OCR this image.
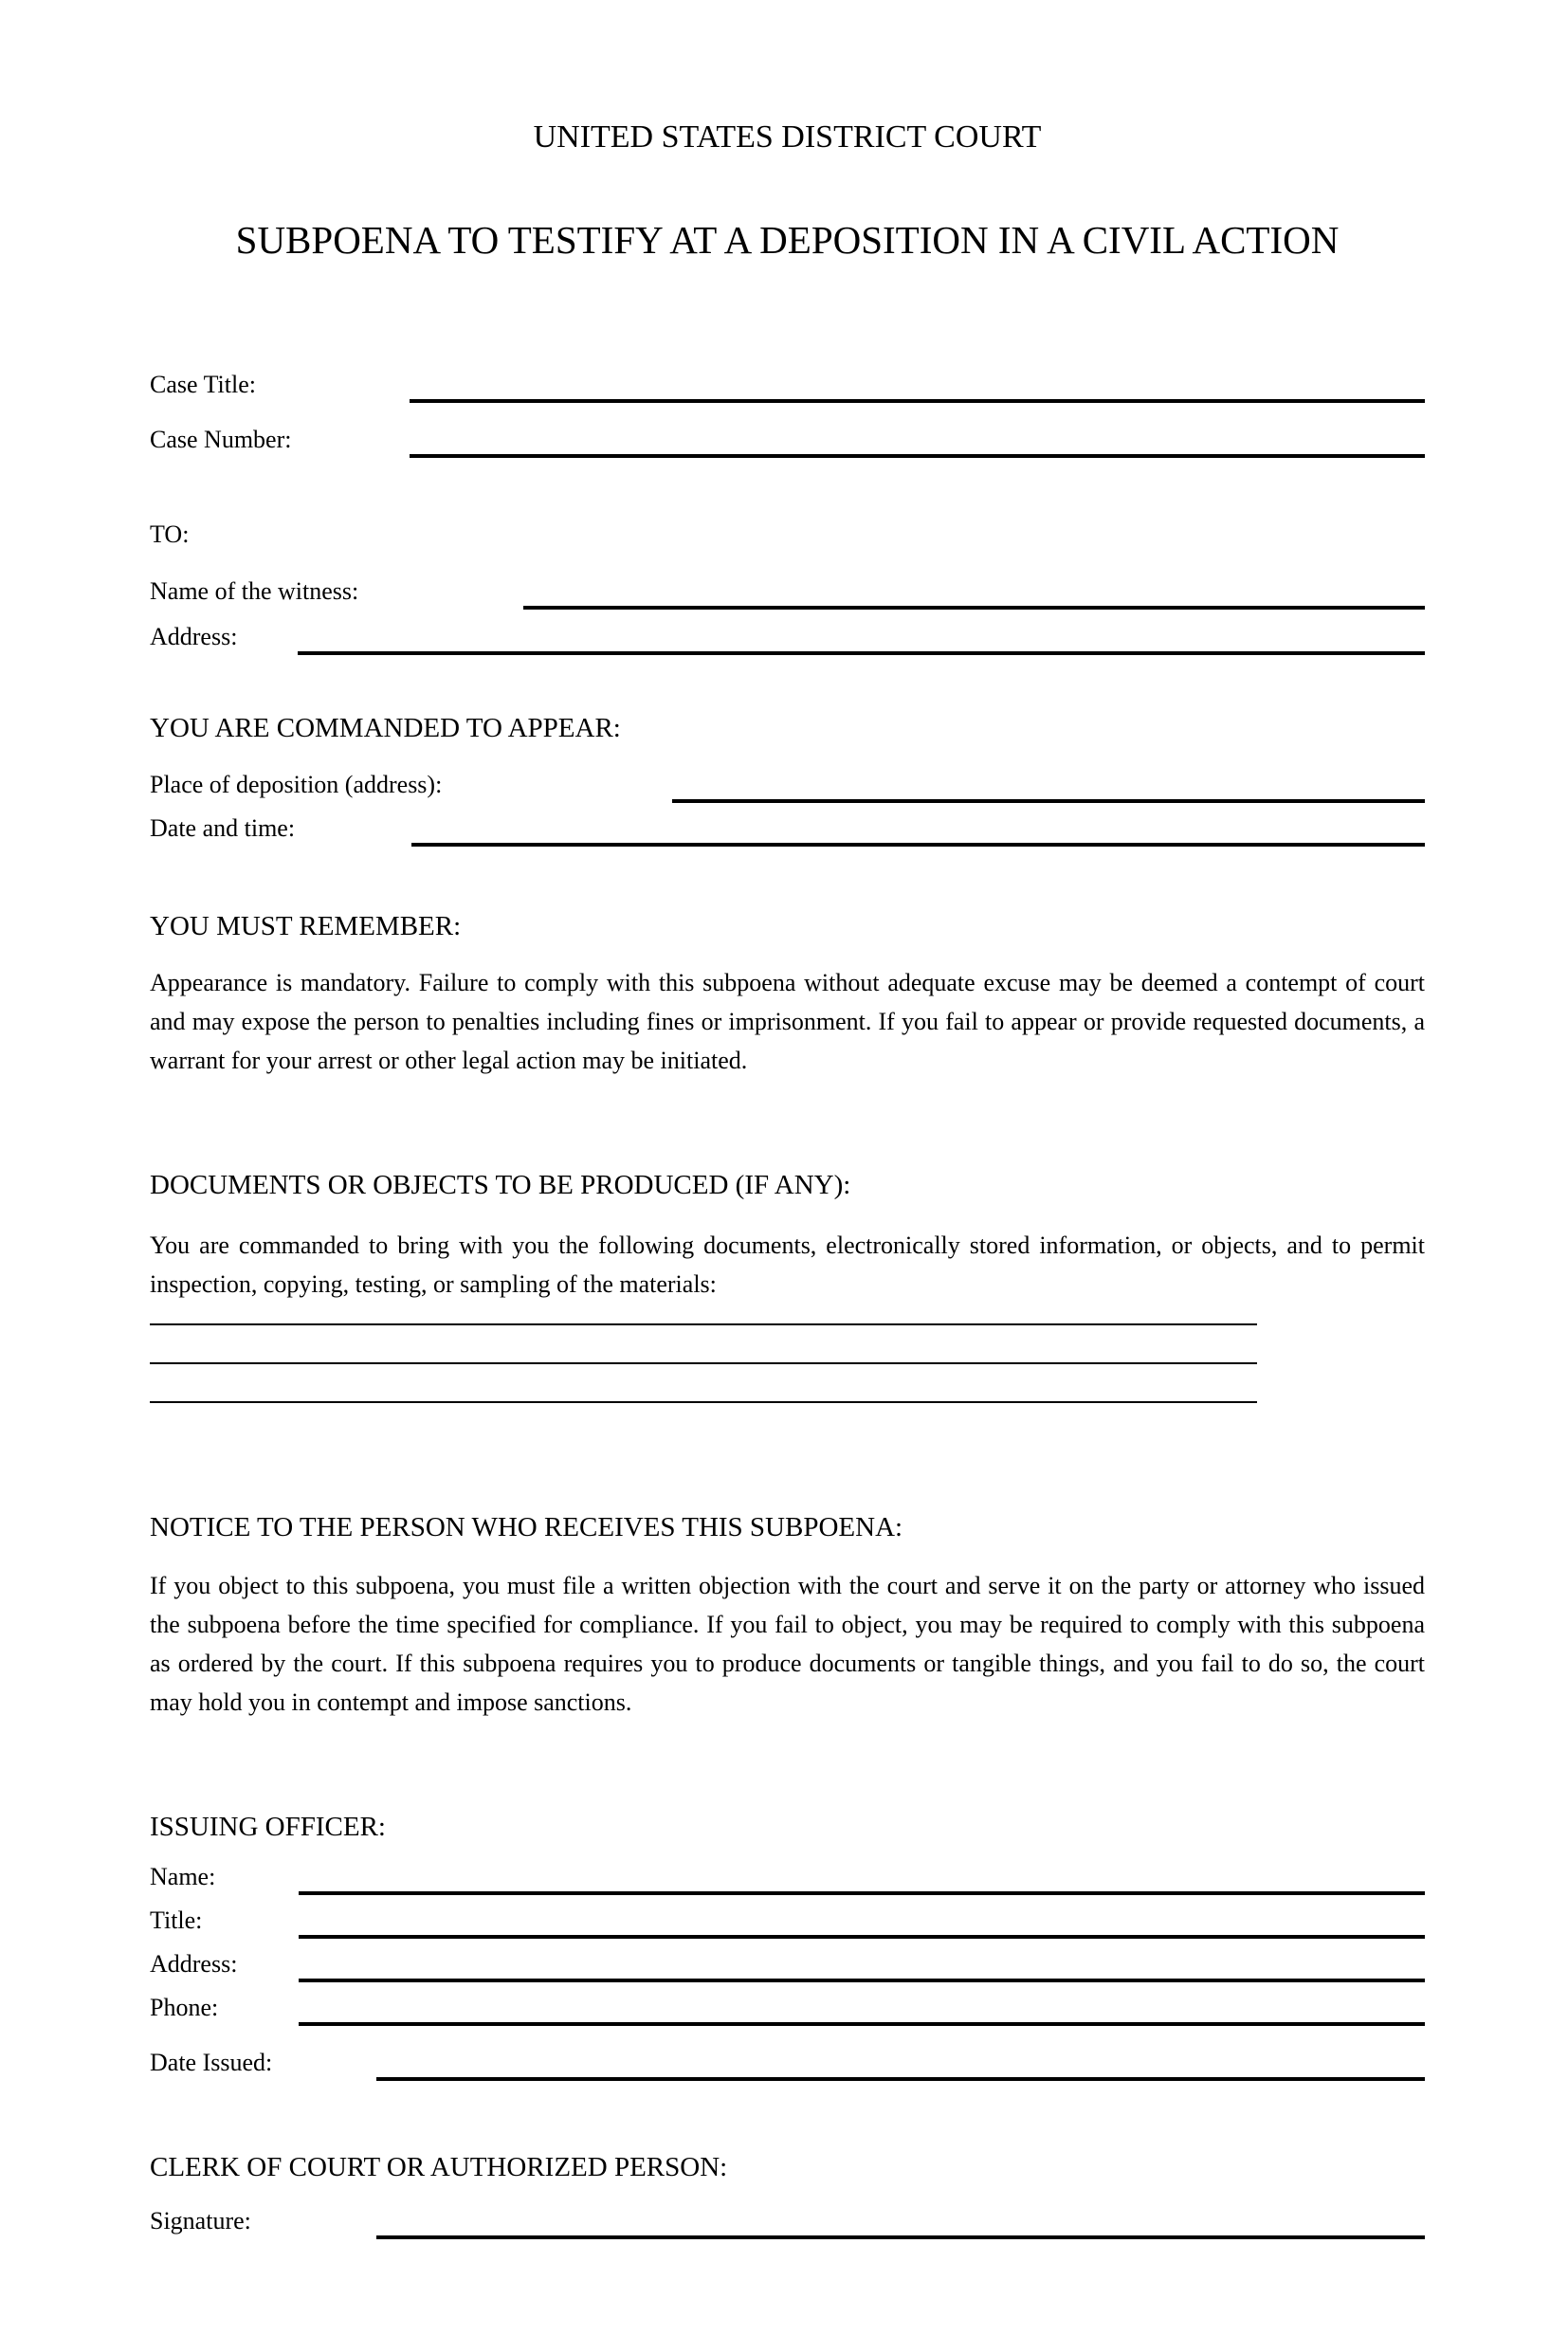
UNITED STATES DISTRICT COURT
SUBPOENA TO TESTIFY AT A DEPOSITION IN A CIVIL ACTION
Case Title:
Case Number:
TO:
Name of the witness:
Address:
YOU ARE COMMANDED TO APPEAR:
Place of deposition (address):
Date and time:
YOU MUST REMEMBER:

Appearance is mandatory. Failure to comply with this subpoena without adequate excuse may be deemed a contempt of court and may expose the person to penalties including fines or imprisonment. If you fail to appear or provide requested documents, a warrant for your arrest or other legal action may be initiated.

DOCUMENTS OR OBJECTS TO BE PRODUCED (IF ANY):

You are commanded to bring with you the following documents, electronically stored information, or objects, and to permit inspection, copying, testing, or sampling of the materials:

NOTICE TO THE PERSON WHO RECEIVES THIS SUBPOENA:

If you object to this subpoena, you must file a written objection with the court and serve it on the party or attorney who issued the subpoena before the time specified for compliance. If you fail to object, you may be required to comply with this subpoena as ordered by the court. If this subpoena requires you to produce documents or tangible things, and you fail to do so, the court may hold you in contempt and impose sanctions.

ISSUING OFFICER:
Name:
Title:
Address:
Phone:
Date Issued:
CLERK OF COURT OR AUTHORIZED PERSON:
Signature:
